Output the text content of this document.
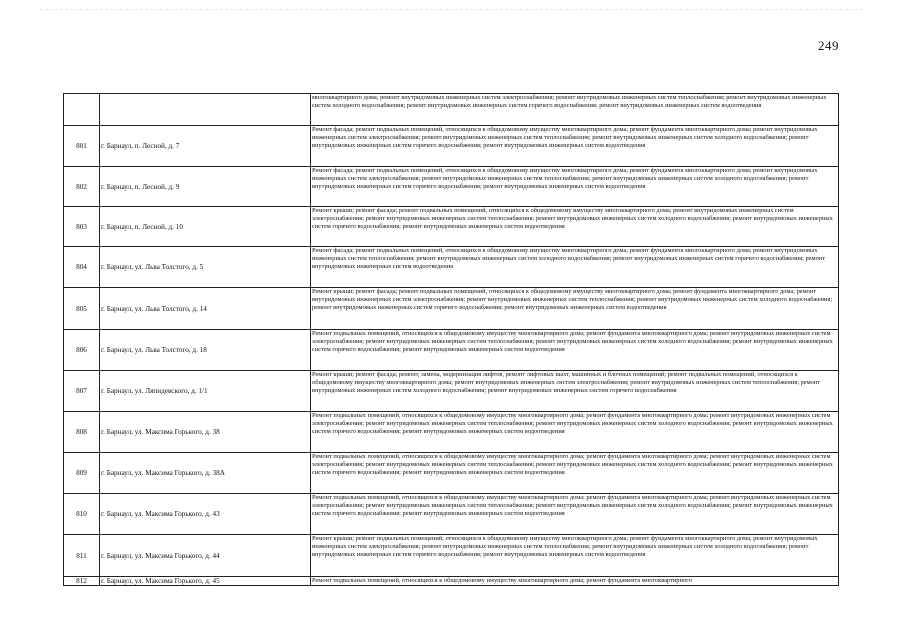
249
		многоквартирного дома; ремонт внутридомовых инженерных систем электроснабжения; ремонт внутридомовых инженерных систем теплоснабжения; ремонт внутридомовых инженерных систем холодного водоснабжения; ремонт внутридомовых инженерных систем горячего водоснабжения; ремонт внутридомовых инженерных систем водоотведения
801	г. Барнаул, п. Лесной, д. 7	Ремонт фасада; ремонт подвальных помещений, относящихся к общедомовому имуществу многоквартирного дома; ремонт фундамента многоквартирного дома; ремонт внутридомовых инженерных систем электроснабжения; ремонт внутридомовых инженерных систем теплоснабжения; ремонт внутридомовых инженерных систем холодного водоснабжения; ремонт внутридомовых инженерных систем горячего водоснабжения; ремонт внутридомовых инженерных систем водоотведения
802	г. Барнаул, п. Лесной, д. 9	Ремонт фасада; ремонт подвальных помещений, относящихся к общедомовому имуществу многоквартирного дома; ремонт фундамента многоквартирного дома; ремонт внутридомовых инженерных систем электроснабжения; ремонт внутридомовых инженерных систем теплоснабжения; ремонт внутридомовых инженерных систем холодного водоснабжения; ремонт внутридомовых инженерных систем горячего водоснабжения; ремонт внутридомовых инженерных систем водоотведения
803	г. Барнаул, п. Лесной, д. 10	Ремонт крыши; ремонт фасада; ремонт подвальных помещений, относящихся к общедомовому имуществу многоквартирного дома; ремонт внутридомовых инженерных систем электроснабжения; ремонт внутридомовых инженерных систем теплоснабжения; ремонт внутридомовых инженерных систем холодного водоснабжения; ремонт внутридомовых инженерных систем горячего водоснабжения; ремонт внутридомовых инженерных систем водоотведения
804	г. Барнаул, ул. Льва Толстого, д. 5	Ремонт фасада; ремонт подвальных помещений, относящихся к общедомовому имуществу многоквартирного дома; ремонт фундамента многоквартирного дома; ремонт внутридомовых инженерных систем теплоснабжения; ремонт внутридомовых инженерных систем холодного водоснабжения; ремонт внутридомовых инженерных систем горячего водоснабжения; ремонт внутридомовых инженерных систем водоотведения
805	г. Барнаул, ул. Льва Толстого, д. 14	Ремонт крыши; ремонт фасада; ремонт подвальных помещений, относящихся к общедомовому имуществу многоквартирного дома; ремонт фундамента многоквартирного дома; ремонт внутридомовых инженерных систем электроснабжения; ремонт внутридомовых инженерных систем теплоснабжения; ремонт внутридомовых инженерных систем холодного водоснабжения; ремонт внутридомовых инженерных систем горячего водоснабжения; ремонт внутридомовых инженерных систем водоотведения
806	г. Барнаул, ул. Льва Толстого, д. 18	Ремонт подвальных помещений, относящихся к общедомовому имуществу многоквартирного дома; ремонт фундамента многоквартирного дома; ремонт внутридомовых инженерных систем электроснабжения; ремонт внутридомовых инженерных систем теплоснабжения; ремонт внутридомовых инженерных систем холодного водоснабжения; ремонт внутридомовых инженерных систем горячего водоснабжения; ремонт внутридомовых инженерных систем водоотведения
807	г. Барнаул, ул. Ляпидевского, д. 1/1	Ремонт крыши; ремонт фасада; ремонт, замена, модернизация лифтов, ремонт лифтовых шахт, машинных и блочных помещений; ремонт подвальных помещений, относящихся к общедомовому имуществу многоквартирного дома; ремонт внутридомовых инженерных систем электроснабжения; ремонт внутридомовых инженерных систем теплоснабжения; ремонт внутридомовых инженерных систем холодного водоснабжения; ремонт внутридомовых инженерных систем горячего водоснабжения
808	г. Барнаул, ул. Максима Горького, д. 38	Ремонт подвальных помещений, относящихся к общедомовому имуществу многоквартирного дома; ремонт фундамента многоквартирного дома; ремонт внутридомовых инженерных систем электроснабжения; ремонт внутридомовых инженерных систем теплоснабжения; ремонт внутридомовых инженерных систем холодного водоснабжения; ремонт внутридомовых инженерных систем горячего водоснабжения; ремонт внутридомовых инженерных систем водоотведения
809	г. Барнаул, ул. Максима Горького, д. 38А	Ремонт подвальных помещений, относящихся к общедомовому имуществу многоквартирного дома; ремонт фундамента многоквартирного дома; ремонт внутридомовых инженерных систем электроснабжения; ремонт внутридомовых инженерных систем теплоснабжения; ремонт внутридомовых инженерных систем холодного водоснабжения; ремонт внутридомовых инженерных систем горячего водоснабжения; ремонт внутридомовых инженерных систем водоотведения
810	г. Барнаул, ул. Максима Горького, д. 43	Ремонт подвальных помещений, относящихся к общедомовому имуществу многоквартирного дома; ремонт фундамента многоквартирного дома; ремонт внутридомовых инженерных систем электроснабжения; ремонт внутридомовых инженерных систем теплоснабжения; ремонт внутридомовых инженерных систем холодного водоснабжения; ремонт внутридомовых инженерных систем горячего водоснабжения; ремонт внутридомовых инженерных систем водоотведения
811	г. Барнаул, ул. Максима Горького, д. 44	Ремонт крыши; ремонт подвальных помещений, относящихся к общедомовому имуществу многоквартирного дома; ремонт фундамента многоквартирного дома; ремонт внутридомовых инженерных систем электроснабжения; ремонт внутридомовых инженерных систем теплоснабжения; ремонт внутридомовых инженерных систем холодного водоснабжения; ремонт внутридомовых инженерных систем горячего водоснабжения; ремонт внутридомовых инженерных систем водоотведения
812	г. Барнаул, ул. Максима Горького, д. 45	Ремонт подвальных помещений, относящихся к общедомовому имуществу многоквартирного дома; ремонт фундамента многоквартирного
